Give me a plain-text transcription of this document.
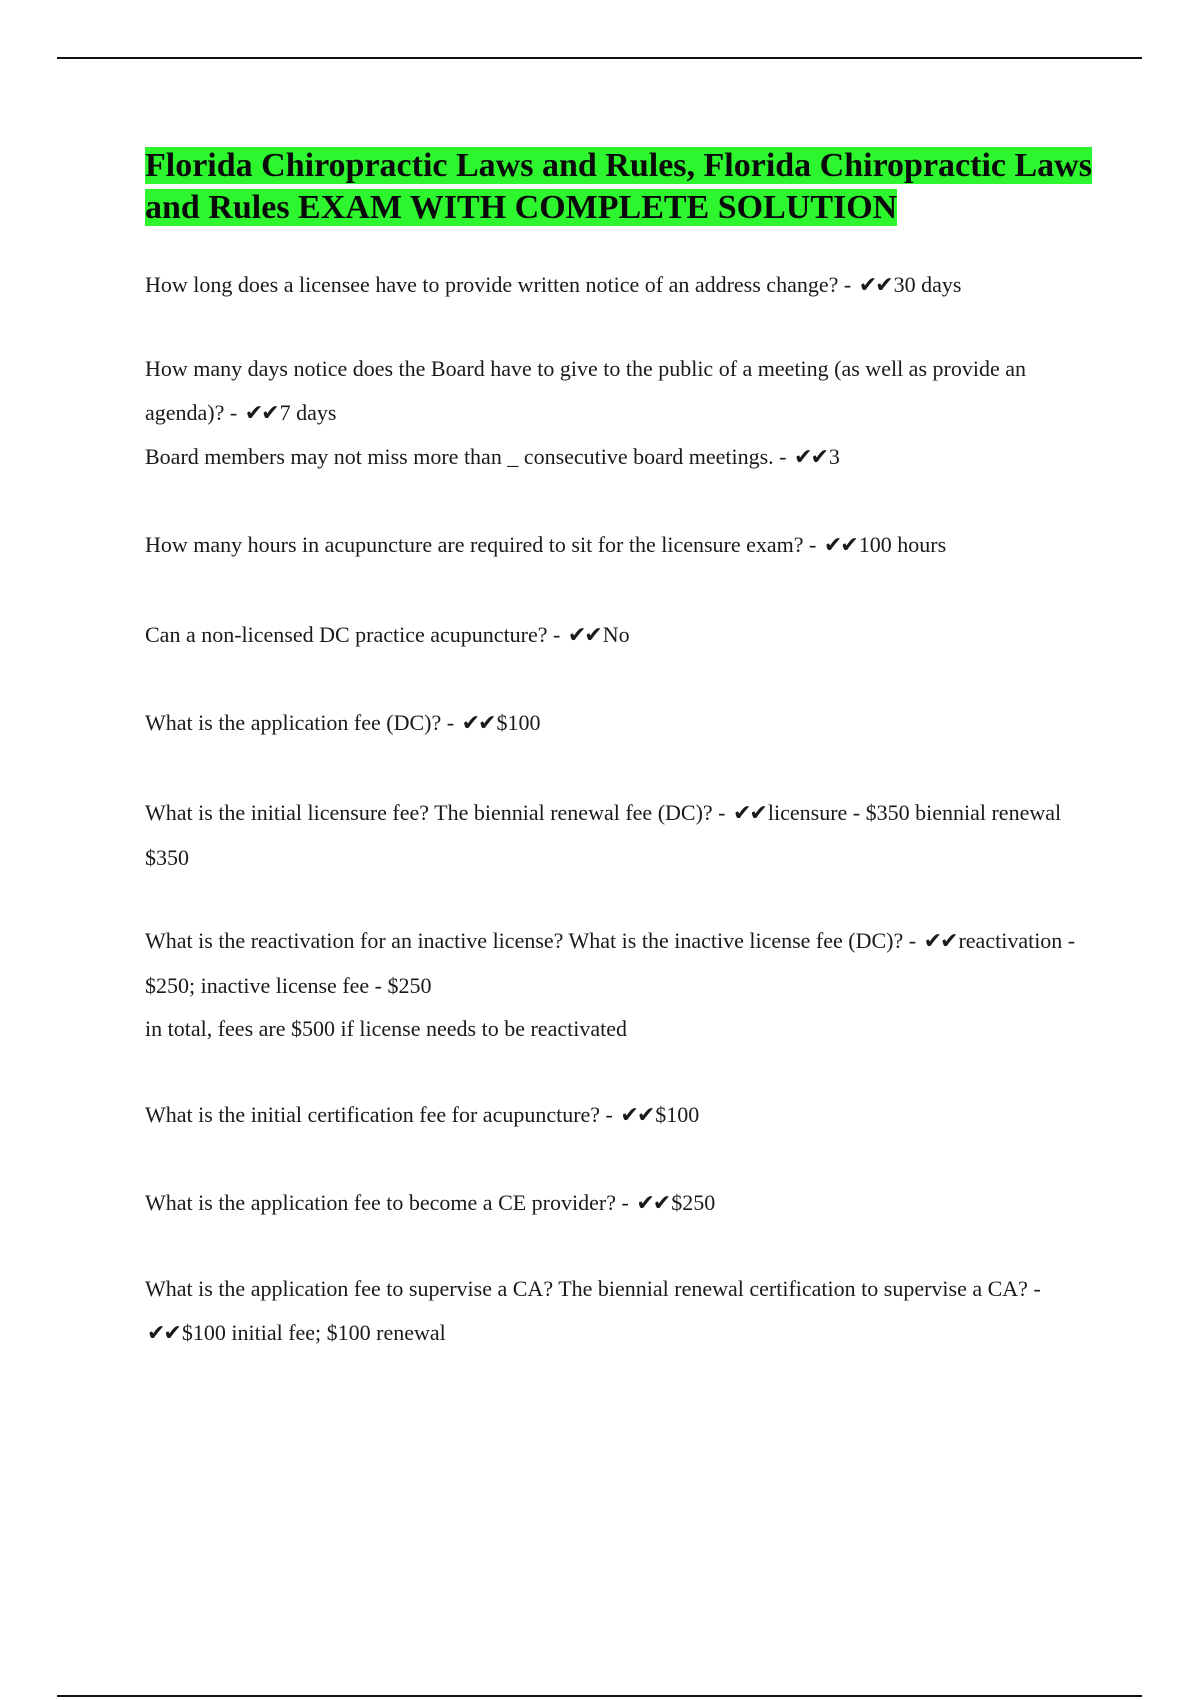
Florida Chiropractic Laws and Rules, Florida Chiropractic Laws and Rules EXAM WITH COMPLETE SOLUTION

How long does a licensee have to provide written notice of an address change? - ✔✔30 days

How many days notice does the Board have to give to the public of a meeting (as well as provide an agenda)? - ✔✔7 days

Board members may not miss more than _ consecutive board meetings. - ✔✔3

How many hours in acupuncture are required to sit for the licensure exam? - ✔✔100 hours

Can a non-licensed DC practice acupuncture? - ✔✔No

What is the application fee (DC)? - ✔✔$100

What is the initial licensure fee? The biennial renewal fee (DC)? - ✔✔licensure - $350 biennial renewal $350

What is the reactivation for an inactive license? What is the inactive license fee (DC)? - ✔✔reactivation - $250; inactive license fee - $250
in total, fees are $500 if license needs to be reactivated

What is the initial certification fee for acupuncture? - ✔✔$100

What is the application fee to become a CE provider? - ✔✔$250

What is the application fee to supervise a CA? The biennial renewal certification to supervise a CA? - ✔✔$100 initial fee; $100 renewal
